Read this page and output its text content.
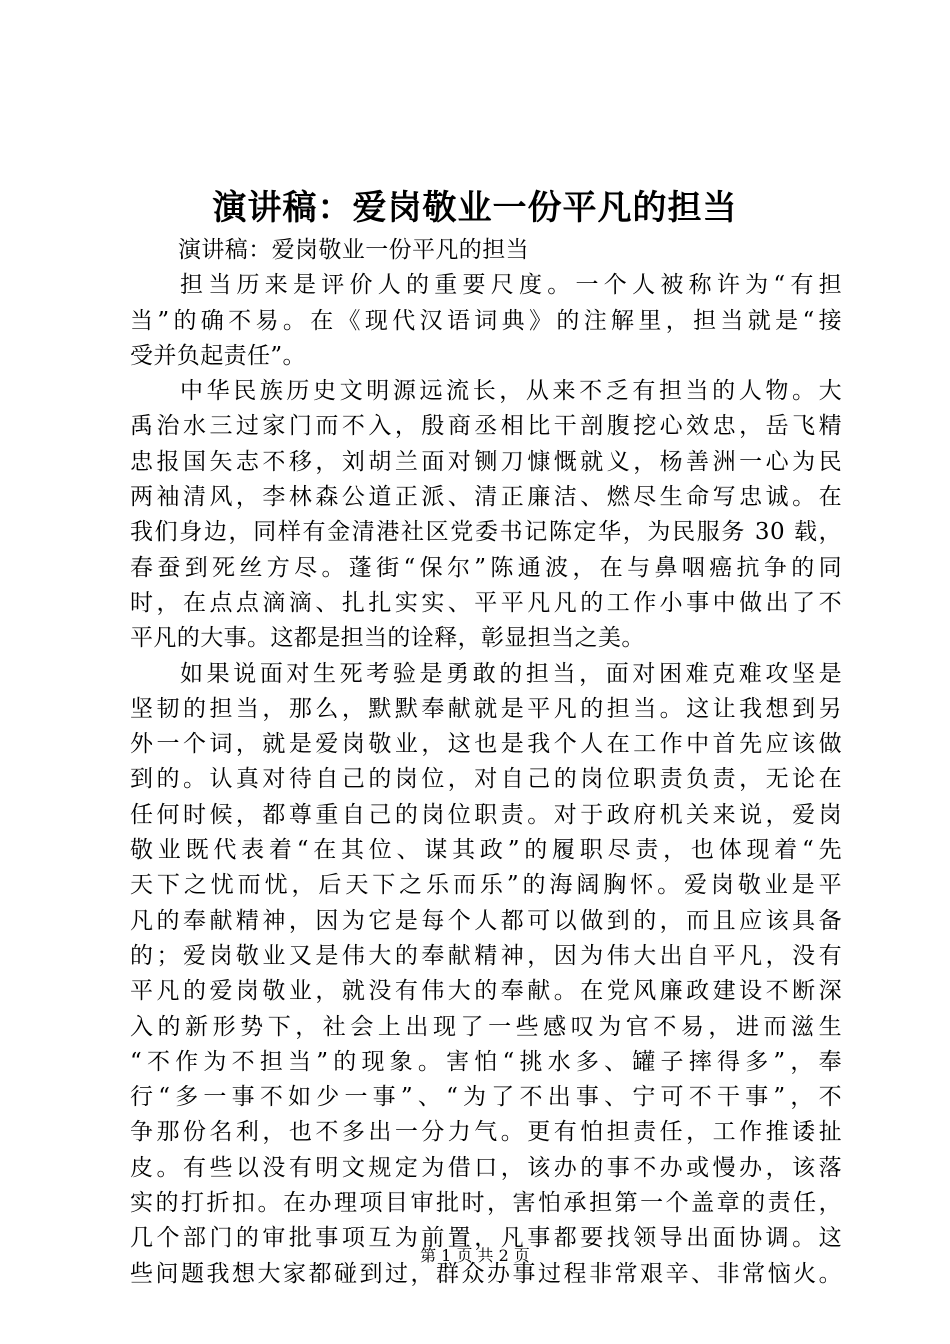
演讲稿：爱岗敬业一份平凡的担当
演讲稿：爱岗敬业一份平凡的担当
担当历来是评价人的重要尺度。一个人被称许为“有担
当”的确不易。在《现代汉语词典》的注解里，担当就是“接
受并负起责任”。
中华民族历史文明源远流长，从来不乏有担当的人物。大
禹治水三过家门而不入，殷商丞相比干剖腹挖心效忠，岳飞精
忠报国矢志不移，刘胡兰面对铡刀慷慨就义，杨善洲一心为民
两袖清风，李林森公道正派、清正廉洁、燃尽生命写忠诚。在
我们身边，同样有金清港社区党委书记陈定华，为民服务 30 载，
春蚕到死丝方尽。蓬街“保尔”陈通波，在与鼻咽癌抗争的同
时，在点点滴滴、扎扎实实、平平凡凡的工作小事中做出了不
平凡的大事。这都是担当的诠释，彰显担当之美。
如果说面对生死考验是勇敢的担当，面对困难克难攻坚是
坚韧的担当，那么，默默奉献就是平凡的担当。这让我想到另
外一个词，就是爱岗敬业，这也是我个人在工作中首先应该做
到的。认真对待自己的岗位，对自己的岗位职责负责，无论在
任何时候，都尊重自己的岗位职责。对于政府机关来说，爱岗
敬业既代表着“在其位、谋其政”的履职尽责，也体现着“先
天下之忧而忧，后天下之乐而乐”的海阔胸怀。爱岗敬业是平
凡的奉献精神，因为它是每个人都可以做到的，而且应该具备
的；爱岗敬业又是伟大的奉献精神，因为伟大出自平凡，没有
平凡的爱岗敬业，就没有伟大的奉献。在党风廉政建设不断深
入的新形势下，社会上出现了一些感叹为官不易，进而滋生
“不作为不担当”的现象。害怕“挑水多、罐子摔得多”，奉
行“多一事不如少一事”、“为了不出事、宁可不干事”，不
争那份名利，也不多出一分力气。更有怕担责任，工作推诿扯
皮。有些以没有明文规定为借口，该办的事不办或慢办，该落
实的打折扣。在办理项目审批时，害怕承担第一个盖章的责任，
几个部门的审批事项互为前置，凡事都要找领导出面协调。这
些问题我想大家都碰到过，群众办事过程非常艰辛、非常恼火。
第 1 页 共 2 页
